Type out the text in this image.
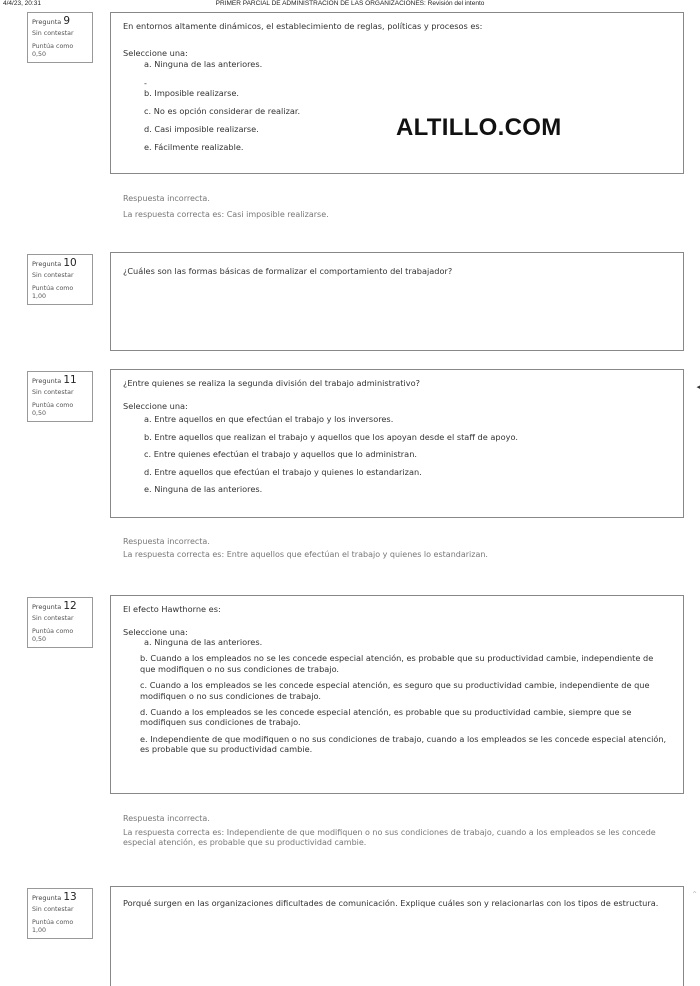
4/4/23, 20:31	PRIMER PARCIAL DE ADMINISTRACION DE LAS ORGANIZACIONES: Revisión del intento
Pregunta 9
Sin contestar
Puntúa como
0,50
En entornos altamente dinámicos, el establecimiento de reglas, políticas y procesos es:
Seleccione una:
a. Ninguna de las anteriores.
b. Imposible realizarse.
c. No es opción considerar de realizar.
d. Casi imposible realizarse.
e. Fácilmente realizable.
-
ALTILLO.COM
Respuesta incorrecta.
La respuesta correcta es: Casi imposible realizarse.
Pregunta 10
Sin contestar
Puntúa como
1,00
¿Cuáles son las formas básicas de formalizar el comportamiento del trabajador?
Pregunta 11
Sin contestar
Puntúa como
0,50
¿Entre quienes se realiza la segunda división del trabajo administrativo?
Seleccione una:
a. Entre aquellos en que efectúan el trabajo y los inversores.
b. Entre aquellos que realizan el trabajo y aquellos que los apoyan desde el staff de apoyo.
c. Entre quienes efectúan el trabajo y aquellos que lo administran.
d. Entre aquellos que efectúan el trabajo y quienes lo estandarizan.
e. Ninguna de las anteriores.
Respuesta incorrecta.
La respuesta correcta es: Entre aquellos que efectúan el trabajo y quienes lo estandarizan.
Pregunta 12
Sin contestar
Puntúa como
0,50
El efecto Hawthorne es:
Seleccione una:
a. Ninguna de las anteriores.
b. Cuando a los empleados no se les concede especial atención, es probable que su productividad cambie, independiente de que modifiquen o no sus condiciones de trabajo.
c. Cuando a los empleados se les concede especial atención, es seguro que su productividad cambie, independiente de que modifiquen o no sus condiciones de trabajo.
d. Cuando a los empleados se les concede especial atención, es probable que su productividad cambie, siempre que se modifiquen sus condiciones de trabajo.
e. Independiente de que modifiquen o no sus condiciones de trabajo, cuando a los empleados se les concede especial atención, es probable que su productividad cambie.
Respuesta incorrecta.
La respuesta correcta es: Independiente de que modifiquen o no sus condiciones de trabajo, cuando a los empleados se les concede especial atención, es probable que su productividad cambie.
Pregunta 13
Sin contestar
Puntúa como
1,00
Porqué surgen en las organizaciones dificultades de comunicación. Explique cuáles son y relacionarlas con los tipos de estructura.
◂
⌃
